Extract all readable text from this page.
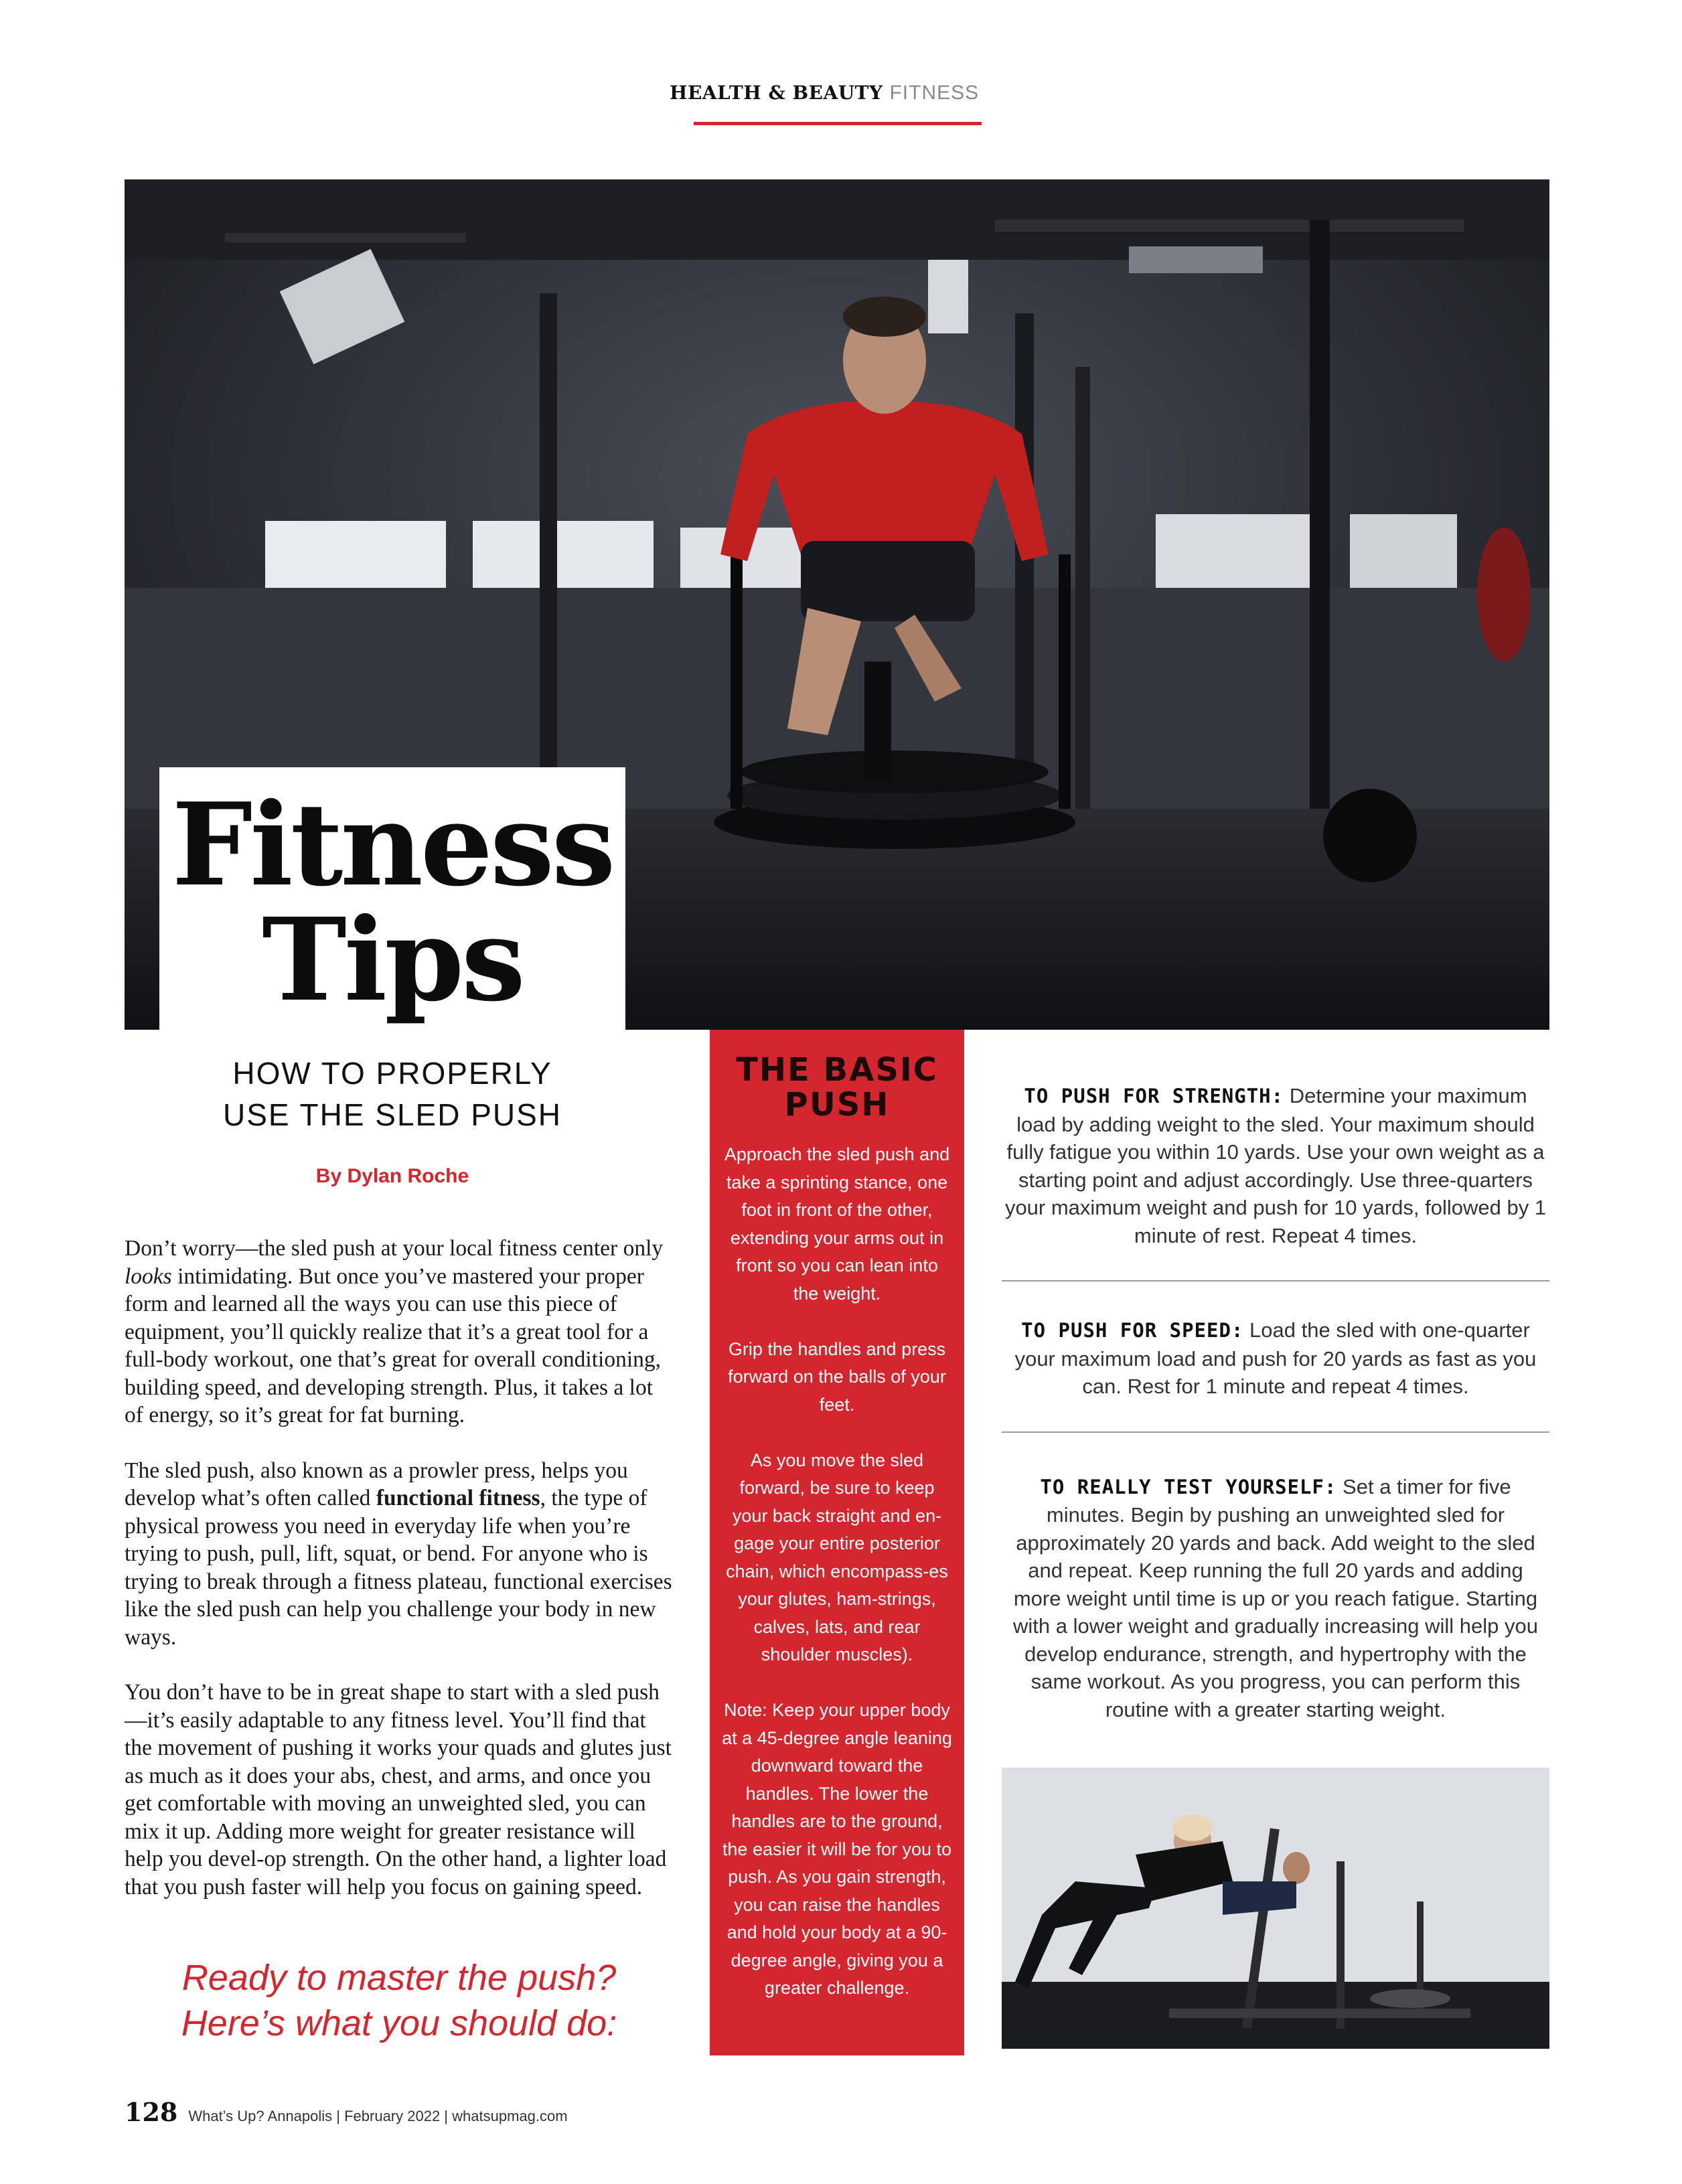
HEALTH & BEAUTY FITNESS
Fitness
Tips
HOW TO PROPERLY
USE THE SLED PUSH
By Dylan Roche

Don’t worry—the sled push at your local fitness center only looks intimidating. But once you’ve mastered your proper form and learned all the ways you can use this piece of equipment, you’ll quickly realize that it’s a great tool for a full-body workout, one that’s great for overall conditioning, building speed, and developing strength. Plus, it takes a lot of energy, so it’s great for fat burning.

The sled push, also known as a prowler press, helps you develop what’s often called functional fitness, the type of physical prowess you need in everyday life when you’re trying to push, pull, lift, squat, or bend. For anyone who is trying to break through a fitness plateau, functional exercises like the sled push can help you challenge your body in new ways.

You don’t have to be in great shape to start with a sled push—it’s easily adaptable to any fitness level. You’ll find that the movement of pushing it works your quads and glutes just as much as it does your abs, chest, and arms, and once you get comfortable with moving an unweighted sled, you can mix it up. Adding more weight for greater resistance will help you devel-op strength. On the other hand, a lighter load that you push faster will help you focus on gaining speed.

Ready to master the push?
Here’s what you should do:
THE BASIC
PUSH

Approach the sled push and take a sprinting stance, one foot in front of the other, extending your arms out in front so you can lean into the weight.

Grip the handles and press forward on the balls of your feet.

As you move the sled forward, be sure to keep your back straight and en-gage your entire posterior chain, which encompass-es your glutes, ham-strings, calves, lats, and rear shoulder muscles).

Note: Keep your upper body at a 45-degree angle leaning downward toward the handles. The lower the handles are to the ground, the easier it will be for you to push. As you gain strength, you can raise the handles and hold your body at a 90-degree angle, giving you a greater challenge.

TO PUSH FOR STRENGTH: Determine your maximum load by adding weight to the sled. Your maximum should fully fatigue you within 10 yards. Use your own weight as a starting point and adjust accordingly. Use three-quarters your maximum weight and push for 10 yards, followed by 1 minute of rest. Repeat 4 times.
TO PUSH FOR SPEED: Load the sled with one-quarter your maximum load and push for 20 yards as fast as you can. Rest for 1 minute and repeat 4 times.
TO REALLY TEST YOURSELF: Set a timer for five minutes. Begin by pushing an unweighted sled for approximately 20 yards and back. Add weight to the sled and repeat. Keep running the full 20 yards and adding more weight until time is up or you reach fatigue. Starting with a lower weight and gradually increasing will help you develop endurance, strength, and hypertrophy with the same workout. As you progress, you can perform this routine with a greater starting weight.
128 What’s Up? Annapolis | February 2022 | whatsupmag.com
